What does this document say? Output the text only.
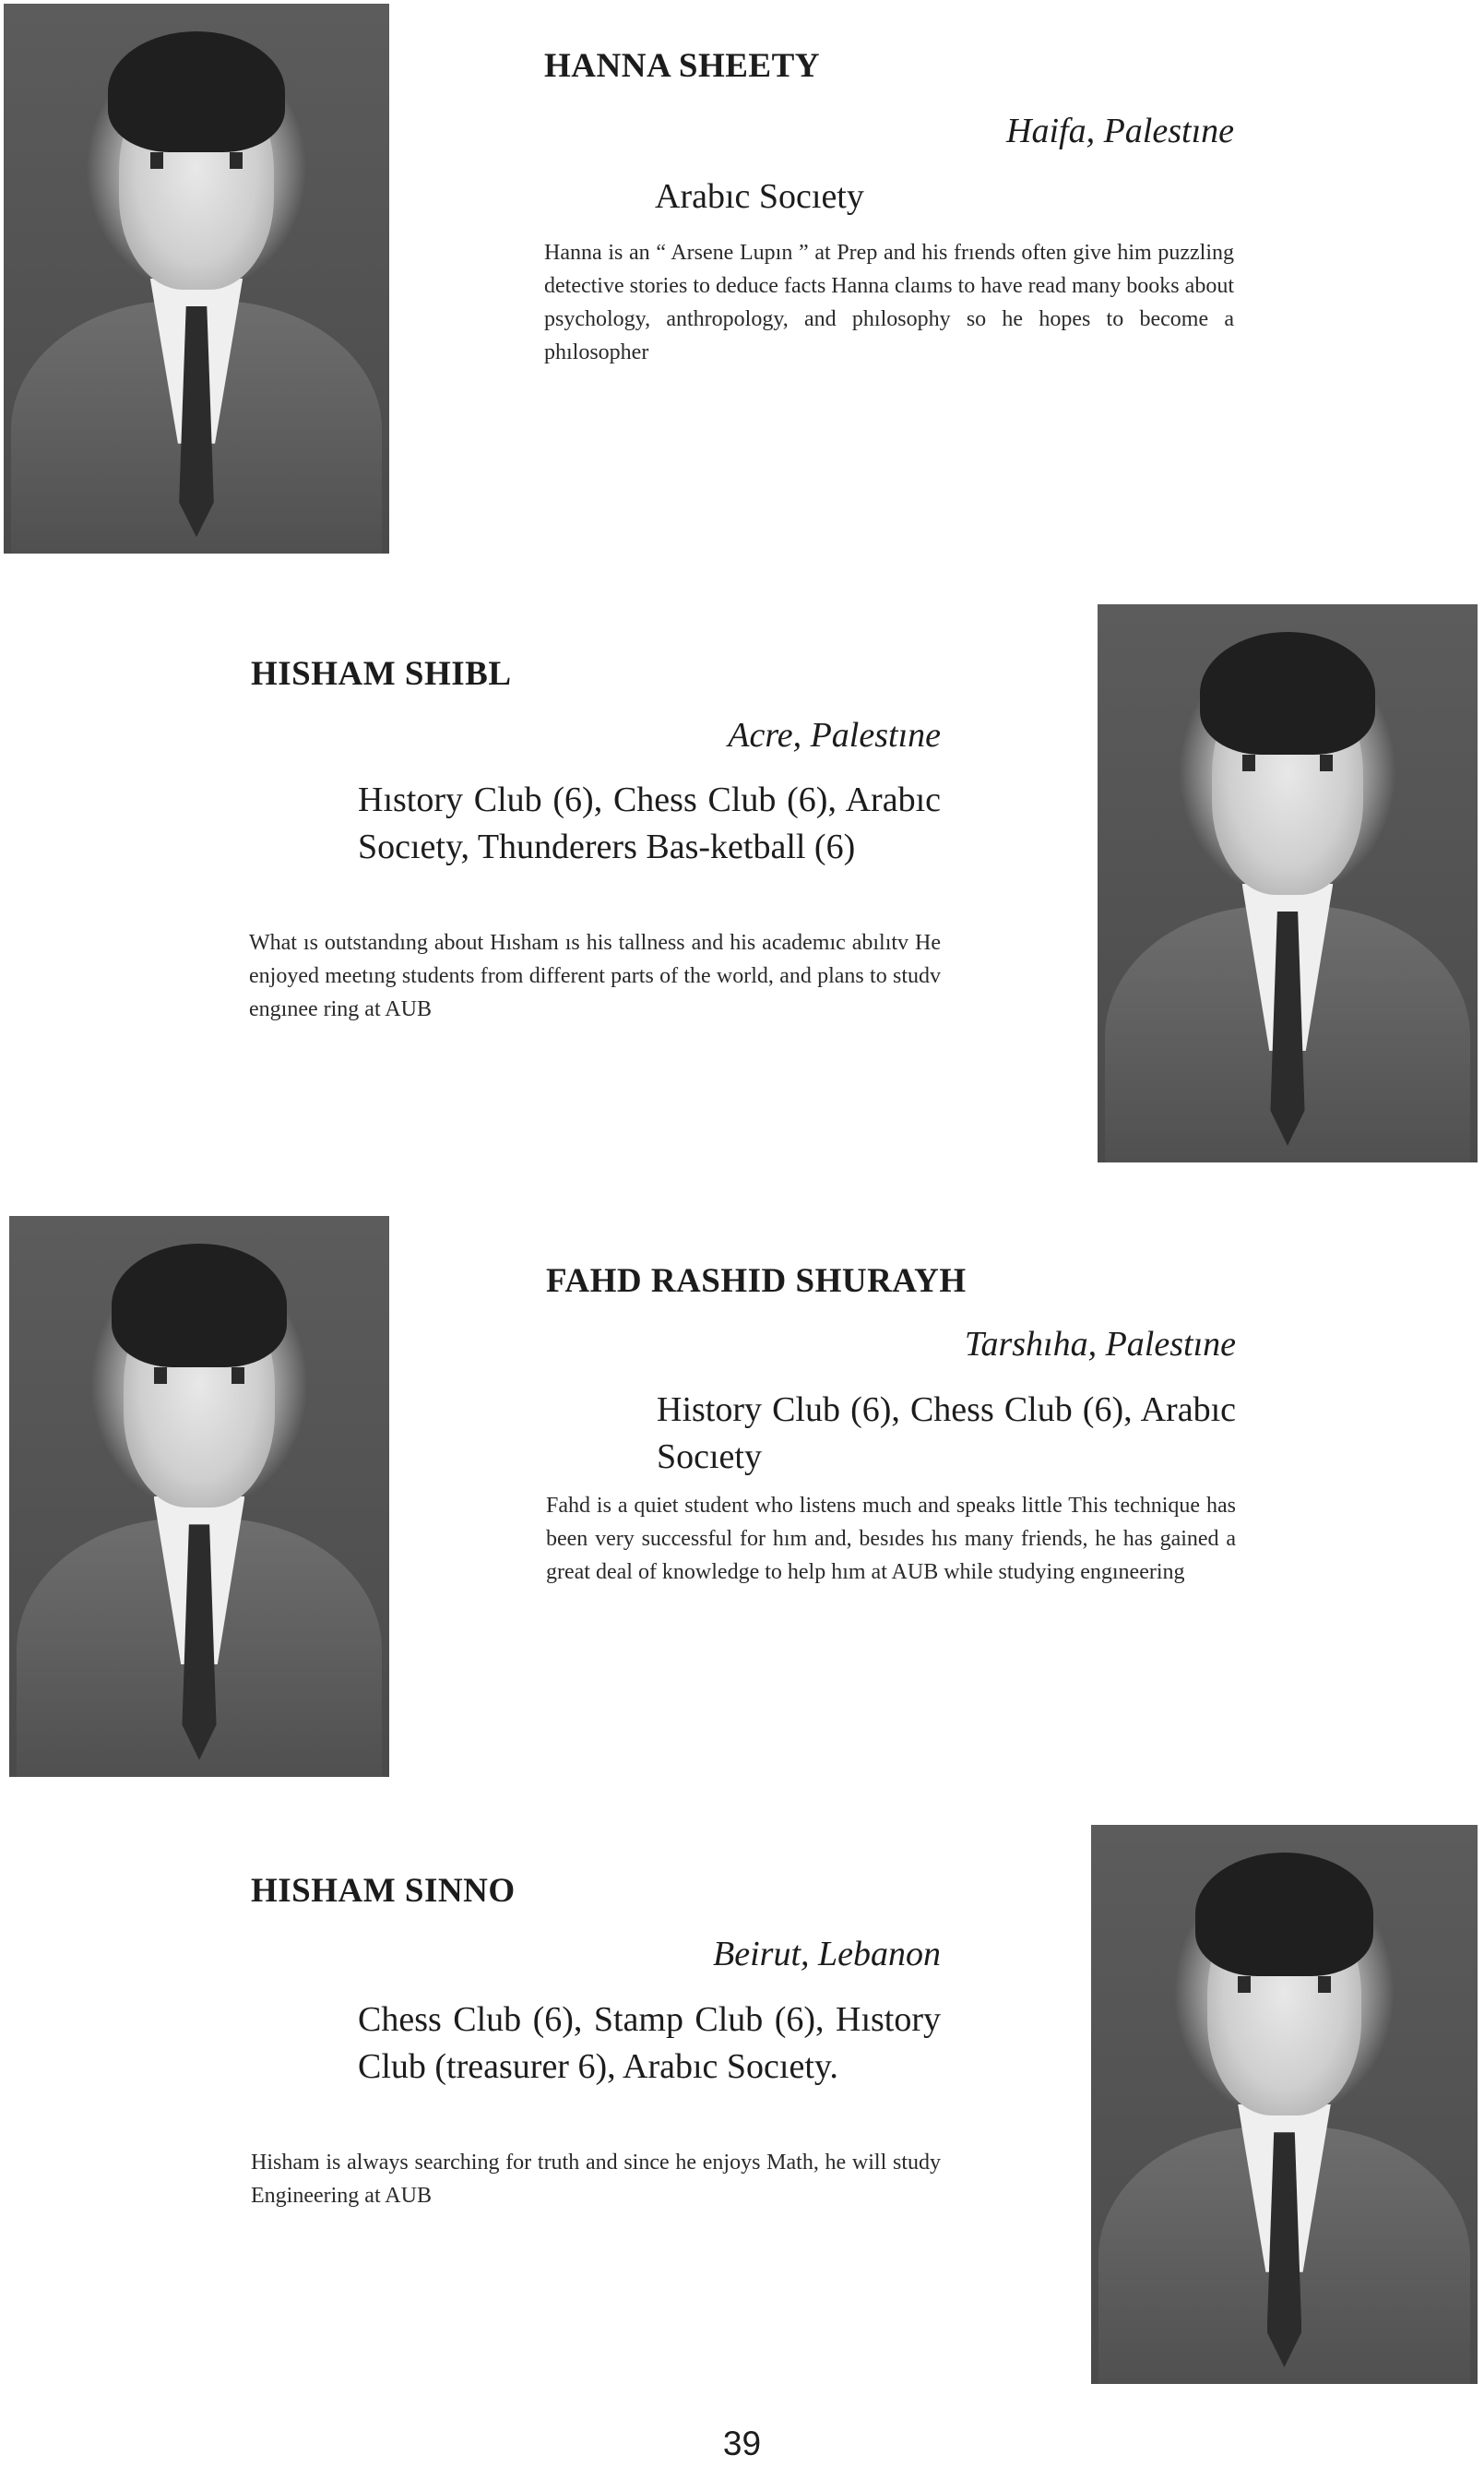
HANNA SHEETY
Haifa, Palestıne
Arabıc Socıety
Hanna is an “ Arsene Lupın ” at Prep and his frıends often give him puzzling detective stories to deduce facts Hanna claıms to have read many books about psychology, anthropology, and phılosophy so he hopes to become a phılosopher
HISHAM SHIBL
Acre, Palestıne
Hıstory Club (6), Chess Club (6), Arabıc Socıety, Thunderers Bas-ketball (6)
What ıs outstandıng about Hısham ıs his tallness and his academıc abılıtv He enjoyed meetıng students from different parts of the world, and plans to studv engınee ring at AUB
FAHD RASHID SHURAYH
Tarshıha, Palestıne
History Club (6), Chess Club (6), Arabıc Socıety
Fahd is a quiet student who listens much and speaks little This technique has been very successful for hım and, besıdes hıs many friends, he has gained a great deal of knowledge to help hım at AUB while studying engıneering
HISHAM SINNO
Beirut, Lebanon
Chess Club (6), Stamp Club (6), Hıstory Club (treasurer 6), Arabıc Socıety.
Hisham is always searching for truth and since he enjoys Math, he will study Engineering at AUB
39
